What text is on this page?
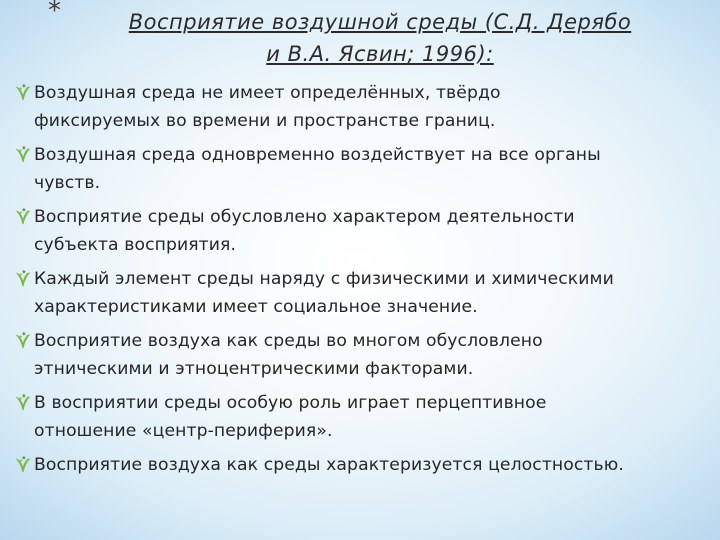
*	Восприятие воздушной среды (С.Д. Дерябо
и В.А. Ясвин; 1996):
Воздушная среда не имеет определённых, твёрдо
фиксируемых во времени и пространстве границ.
Воздушная среда одновременно воздействует на все органы
чувств.
Восприятие среды обусловлено характером деятельности
субъекта восприятия.
Каждый элемент среды наряду с физическими и химическими
характеристиками имеет социальное значение.
Восприятие воздуха как среды во многом обусловлено
этническими и этноцентрическими факторами.
В восприятии среды особую роль играет перцептивное
отношение «центр-периферия».
Восприятие воздуха как среды характеризуется целостностью.
